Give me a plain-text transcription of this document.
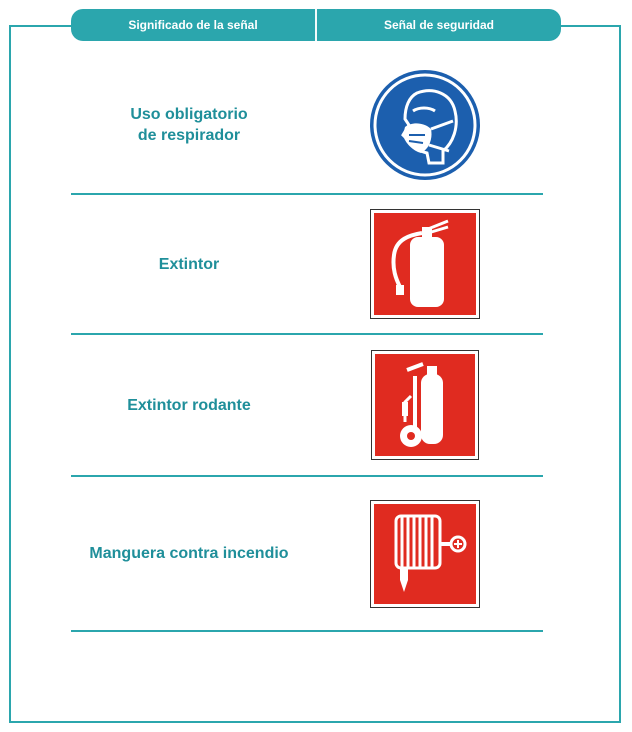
Significado de la señal	Señal de seguridad
Uso obligatorio
de respirador
Extintor
Extintor rodante
Manguera contra incendio
